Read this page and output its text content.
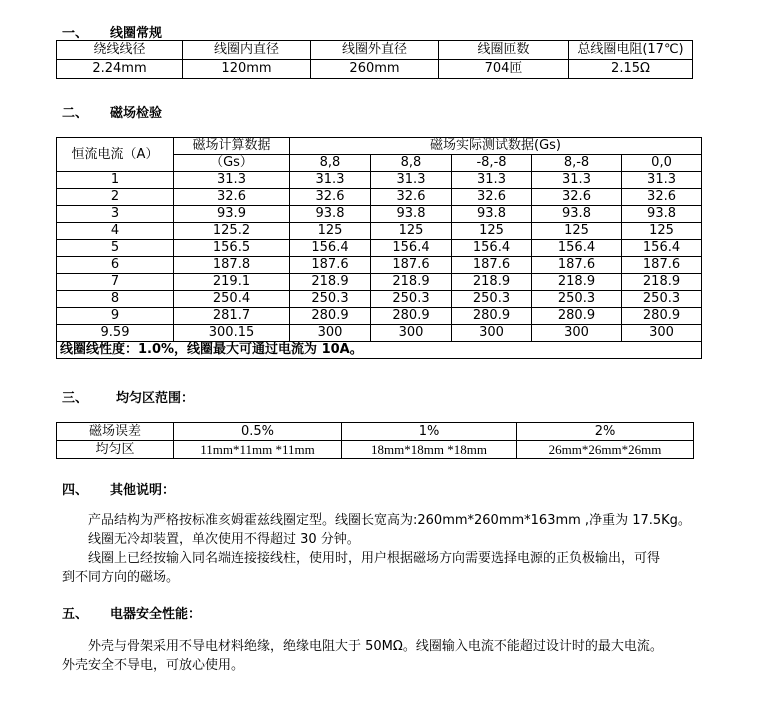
一、 线圈常规
绕线线径	线圈内直径	线圈外直径	线圈匝数	总线圈电阻(17℃)
2.24mm	120mm	260mm	704匝	2.15Ω
二、 磁场检验
恒流电流（A）	磁场计算数据	磁场实际测试数据(Gs)				
	（Gs）	8,8	8,8	-8,-8	8,-8	0,0
1	31.3	31.3	31.3	31.3	31.3	31.3
2	32.6	32.6	32.6	32.6	32.6	32.6
3	93.9	93.8	93.8	93.8	93.8	93.8
4	125.2	125	125	125	125	125
5	156.5	156.4	156.4	156.4	156.4	156.4
6	187.8	187.6	187.6	187.6	187.6	187.6
7	219.1	218.9	218.9	218.9	218.9	218.9
8	250.4	250.3	250.3	250.3	250.3	250.3
9	281.7	280.9	280.9	280.9	280.9	280.9
9.59	300.15	300	300	300	300	300
线圈线性度：1.0%，线圈最大可通过电流为 10A。						
三、 均匀区范围：
磁场误差	0.5%	1%	2%
均匀区	11mm*11mm *11mm	18mm*18mm *18mm	26mm*26mm*26mm
四、 其他说明：
产品结构为严格按标准亥姆霍兹线圈定型。线圈长宽高为:260mm*260mm*163mm ,净重为 17.5Kg。
线圈无冷却装置，单次使用不得超过 30 分钟。
线圈上已经按输入同名端连接接线柱，使用时，用户根据磁场方向需要选择电源的正负极输出，可得
到不同方向的磁场。
五、 电器安全性能：
外壳与骨架采用不导电材料绝缘，绝缘电阻大于 50MΩ。线圈输入电流不能超过设计时的最大电流。
外壳安全不导电，可放心使用。
